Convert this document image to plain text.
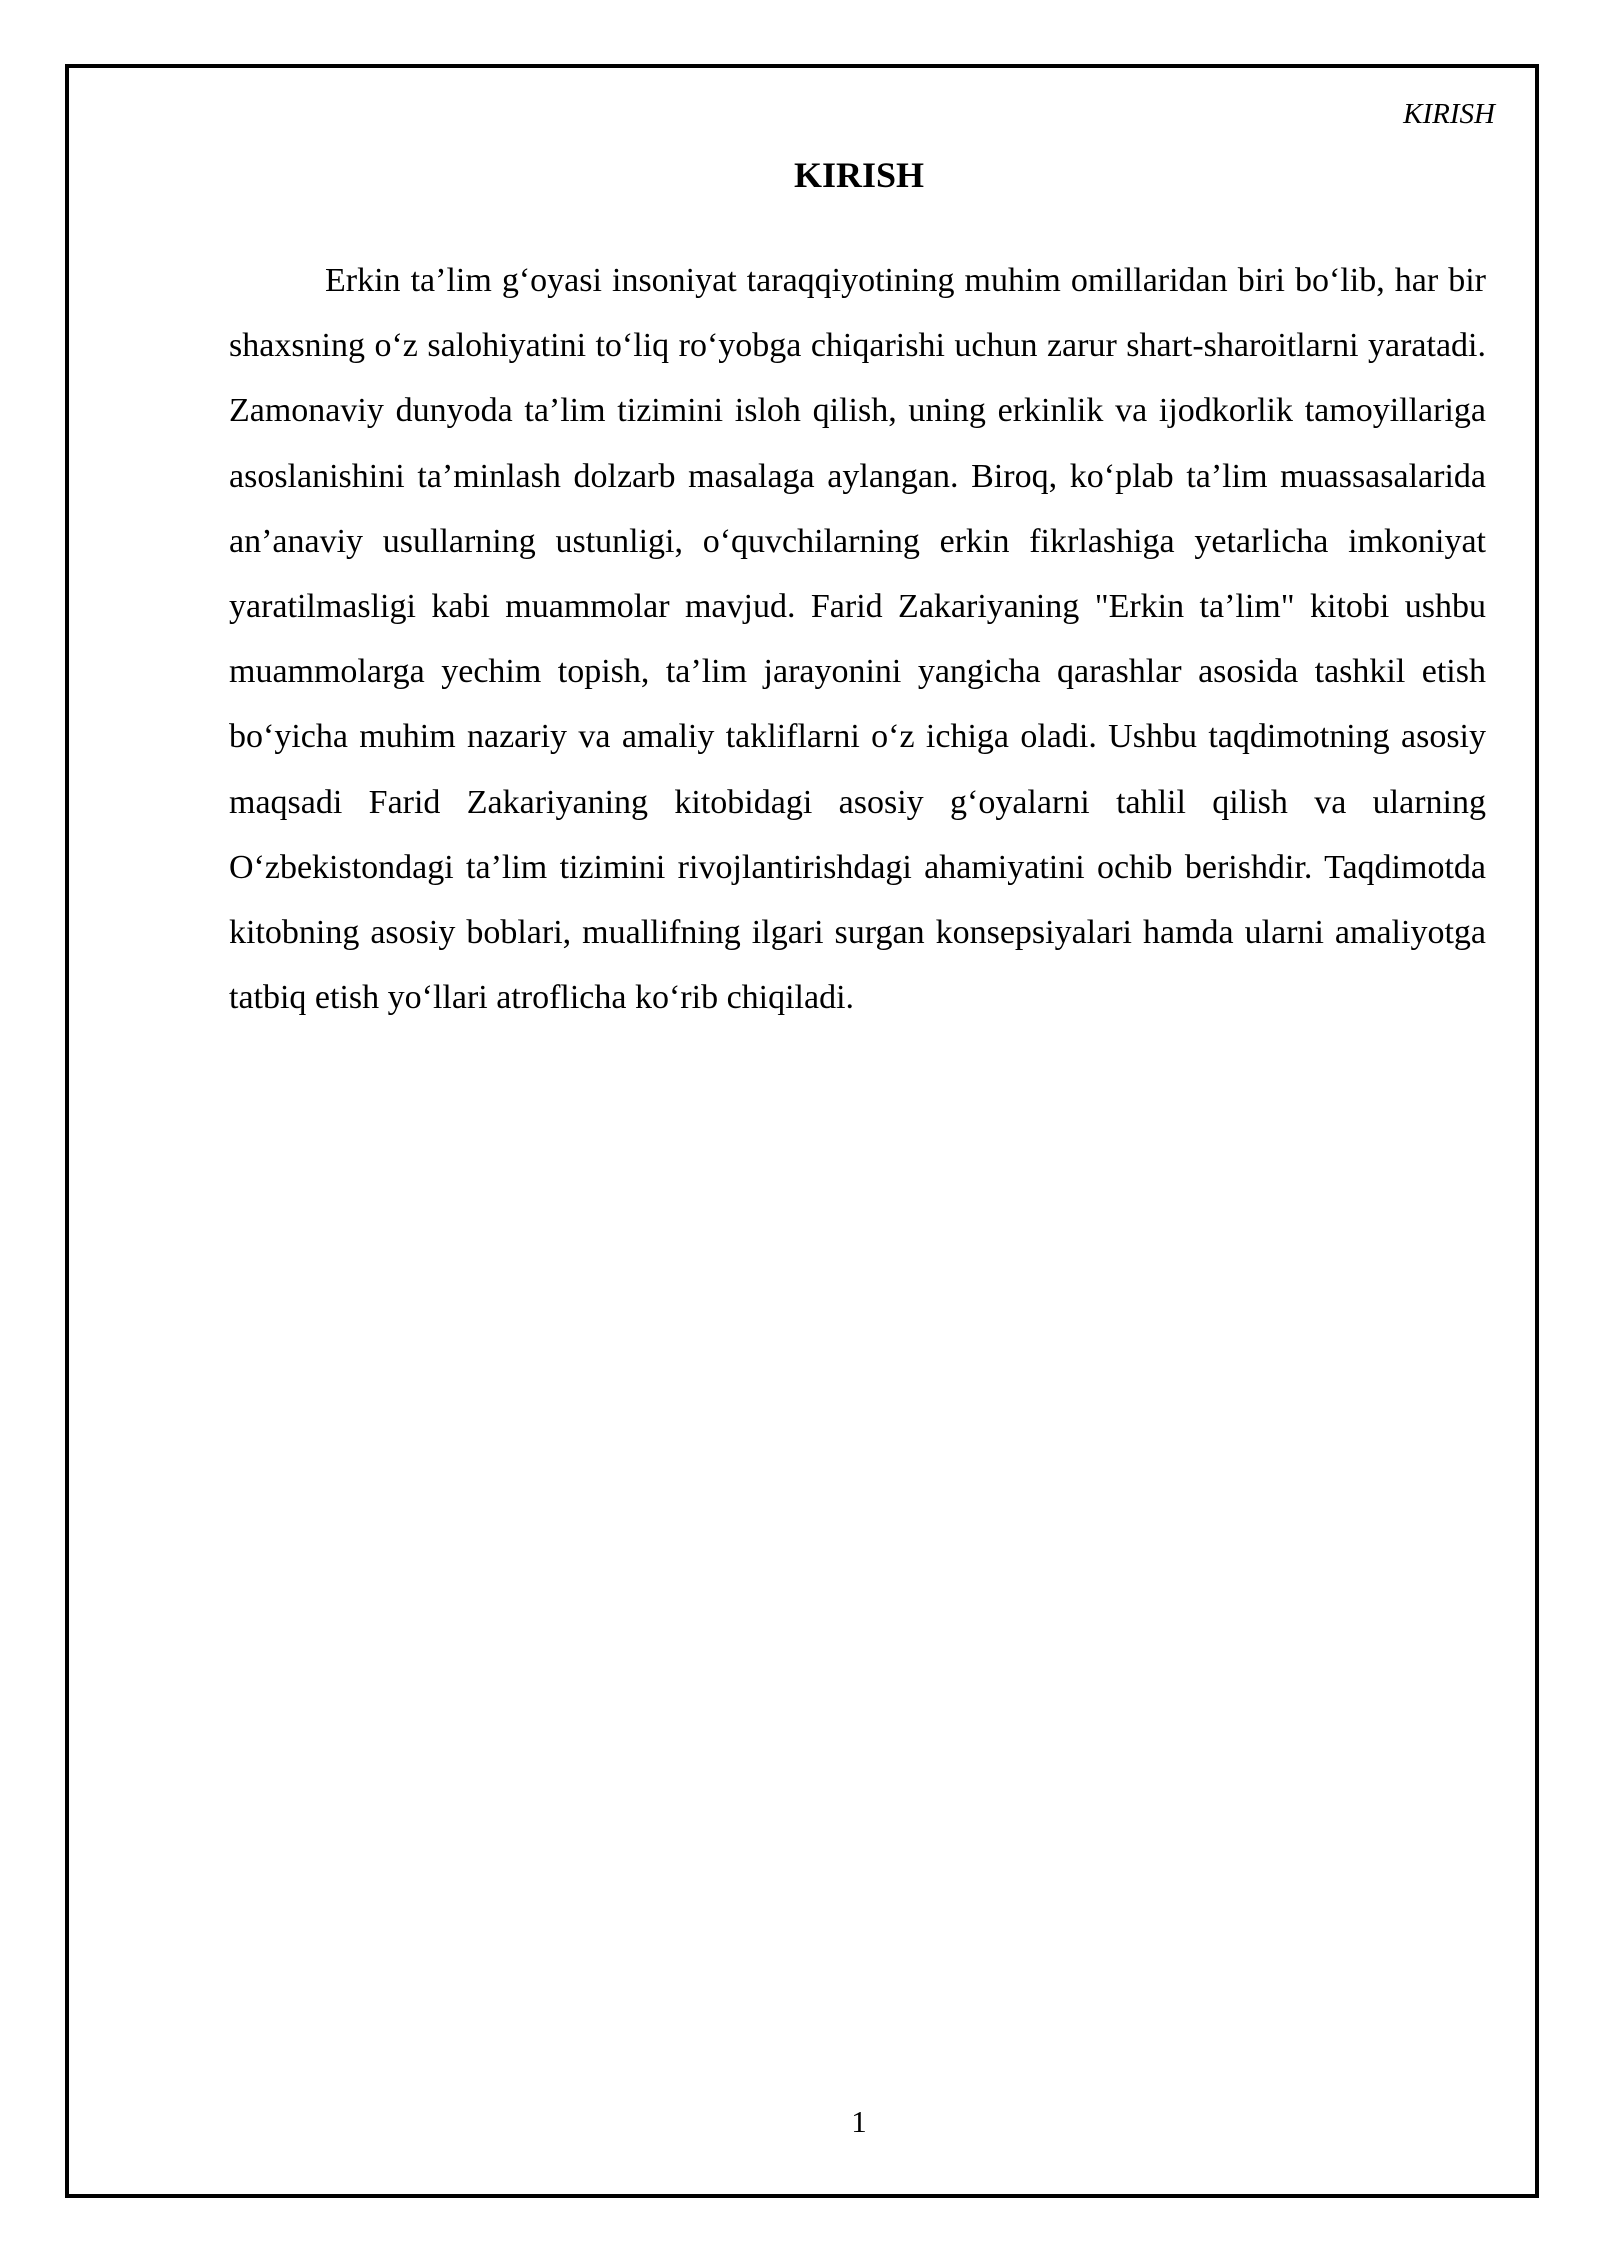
KIRISH
KIRISH

Erkin ta’lim g‘oyasi insoniyat taraqqiyotining muhim omillaridan biri bo‘lib, har bir shaxsning o‘z salohiyatini to‘liq ro‘yobga chiqarishi uchun zarur shart-sharoitlarni yaratadi. Zamonaviy dunyoda ta’lim tizimini isloh qilish, uning erkinlik va ijodkorlik tamoyillariga asoslanishini ta’minlash dolzarb masalaga aylangan. Biroq, ko‘plab ta’lim muassasalarida an’anaviy usullarning ustunligi, o‘quvchilarning erkin fikrlashiga yetarlicha imkoniyat yaratilmasligi kabi muammolar mavjud. Farid Zakariyaning "Erkin ta’lim" kitobi ushbu muammolarga yechim topish, ta’lim jarayonini yangicha qarashlar asosida tashkil etish bo‘yicha muhim nazariy va amaliy takliflarni o‘z ichiga oladi. Ushbu taqdimotning asosiy maqsadi Farid Zakariyaning kitobidagi asosiy g‘oyalarni tahlil qilish va ularning O‘zbekistondagi ta’lim tizimini rivojlantirishdagi ahamiyatini ochib berishdir. Taqdimotda kitobning asosiy boblari, muallifning ilgari surgan konsepsiyalari hamda ularni amaliyotga tatbiq etish yo‘llari atroflicha ko‘rib chiqiladi.

1
